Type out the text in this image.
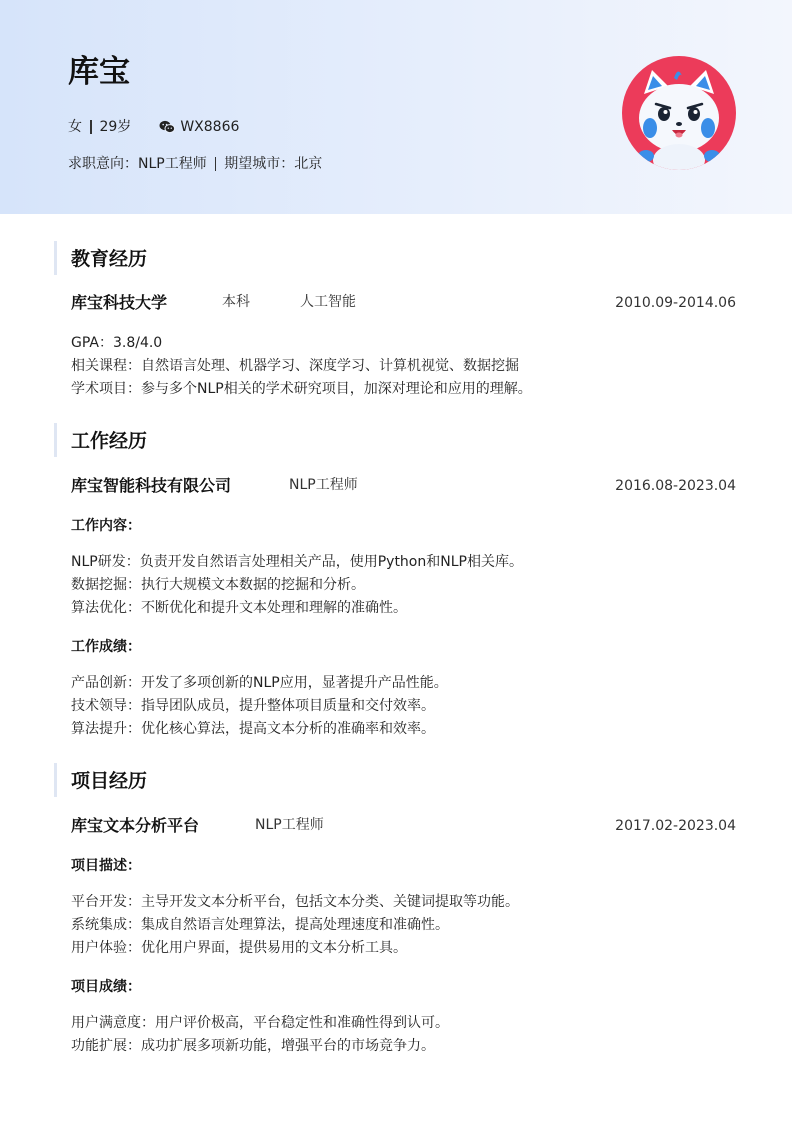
库宝
女 29岁	WX8866
求职意向：NLP工程师 期望城市：北京
教育经历
库宝科技大学	本科	人工智能	2010.09-2014.06
GPA：3.8/4.0
相关课程：自然语言处理、机器学习、深度学习、计算机视觉、数据挖掘
学术项目：参与多个NLP相关的学术研究项目，加深对理论和应用的理解。
工作经历
库宝智能科技有限公司	NLP工程师	2016.08-2023.04
工作内容：
NLP研发：负责开发自然语言处理相关产品，使用Python和NLP相关库。
数据挖掘：执行大规模文本数据的挖掘和分析。
算法优化：不断优化和提升文本处理和理解的准确性。
工作成绩：
产品创新：开发了多项创新的NLP应用，显著提升产品性能。
技术领导：指导团队成员，提升整体项目质量和交付效率。
算法提升：优化核心算法，提高文本分析的准确率和效率。
项目经历
库宝文本分析平台	NLP工程师	2017.02-2023.04
项目描述：
平台开发：主导开发文本分析平台，包括文本分类、关键词提取等功能。
系统集成：集成自然语言处理算法，提高处理速度和准确性。
用户体验：优化用户界面，提供易用的文本分析工具。
项目成绩：
用户满意度：用户评价极高，平台稳定性和准确性得到认可。
功能扩展：成功扩展多项新功能，增强平台的市场竞争力。
